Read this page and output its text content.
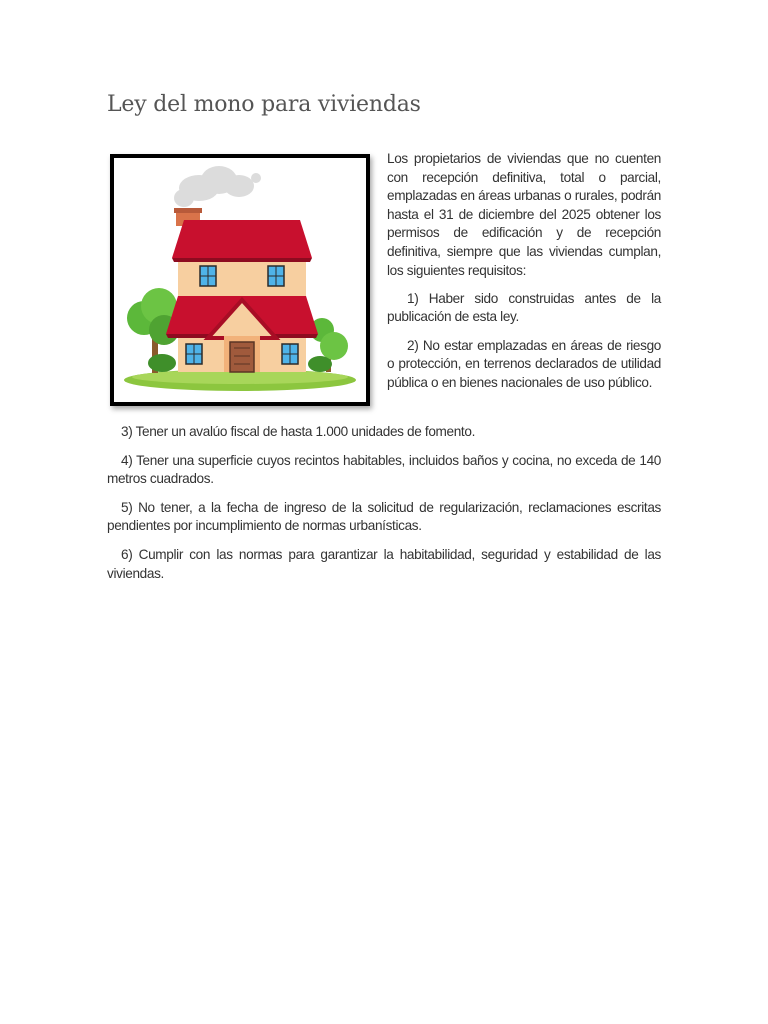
Ley del mono para viviendas

Los propietarios de viviendas que no cuenten con recepción definitiva, total o parcial, emplazadas en áreas urbanas o rurales, podrán hasta el 31 de diciembre del 2025 obtener los permisos de edificación y de recepción definitiva, siempre que las viviendas cumplan, los siguientes requisitos:

1) Haber sido construidas antes de la publicación de esta ley.

2) No estar emplazadas en áreas de riesgo o protección, en terrenos declarados de utilidad pública o en bienes nacionales de uso público.

3) Tener un avalúo fiscal de hasta 1.000 unidades de fomento.

4) Tener una superficie cuyos recintos habitables, incluidos baños y cocina, no exceda de 140 metros cuadrados.

5) No tener, a la fecha de ingreso de la solicitud de regularización, reclamaciones escritas pendientes por incumplimiento de normas urbanísticas.

6) Cumplir con las normas para garantizar la habitabilidad, seguridad y estabilidad de las viviendas.
